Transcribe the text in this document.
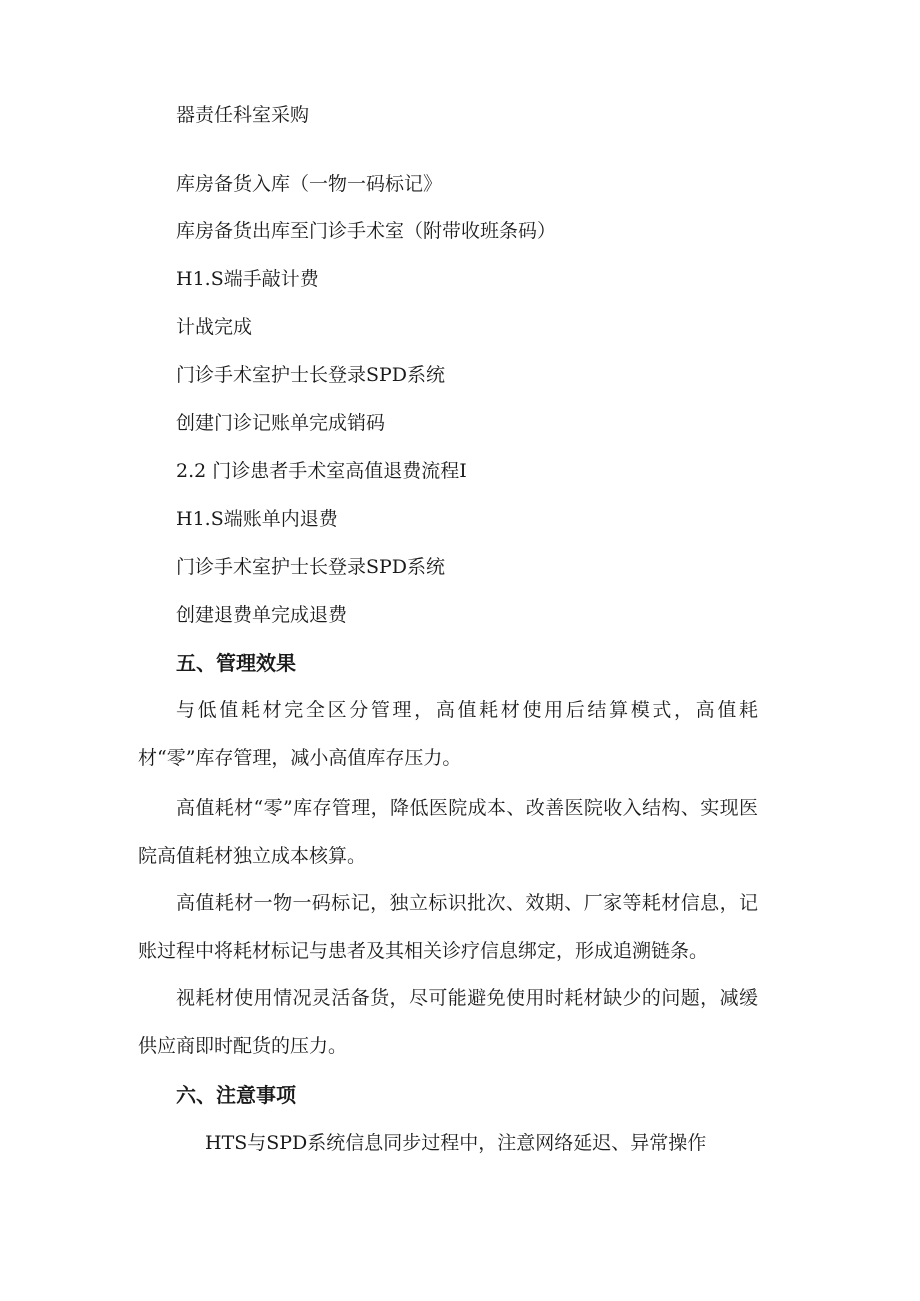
器责任科室采购
库房备货入库（一物一码标记》
库房备货出库至门诊手术室（附带收班条码）
H1.S端手敲计费
计战完成
门诊手术室护士长登录SPD系统
创建门诊记账单完成销码
2.2 门诊患者手术室高值退费流程I
H1.S端账单内退费
门诊手术室护士长登录SPD系统
创建退费单完成退费
五、管理效果

与低值耗材完全区分管理，高值耗材使用后结算模式，高值耗材“零”库存管理，减小高值库存压力。

高值耗材“零”库存管理，降低医院成本、改善医院收入结构、实现医院高值耗材独立成本核算。

高值耗材一物一码标记，独立标识批次、效期、厂家等耗材信息，记账过程中将耗材标记与患者及其相关诊疗信息绑定，形成追溯链条。

视耗材使用情况灵活备货，尽可能避免使用时耗材缺少的问题，减缓供应商即时配货的压力。

六、注意事项
HTS与SPD系统信息同步过程中，注意网络延迟、异常操作
